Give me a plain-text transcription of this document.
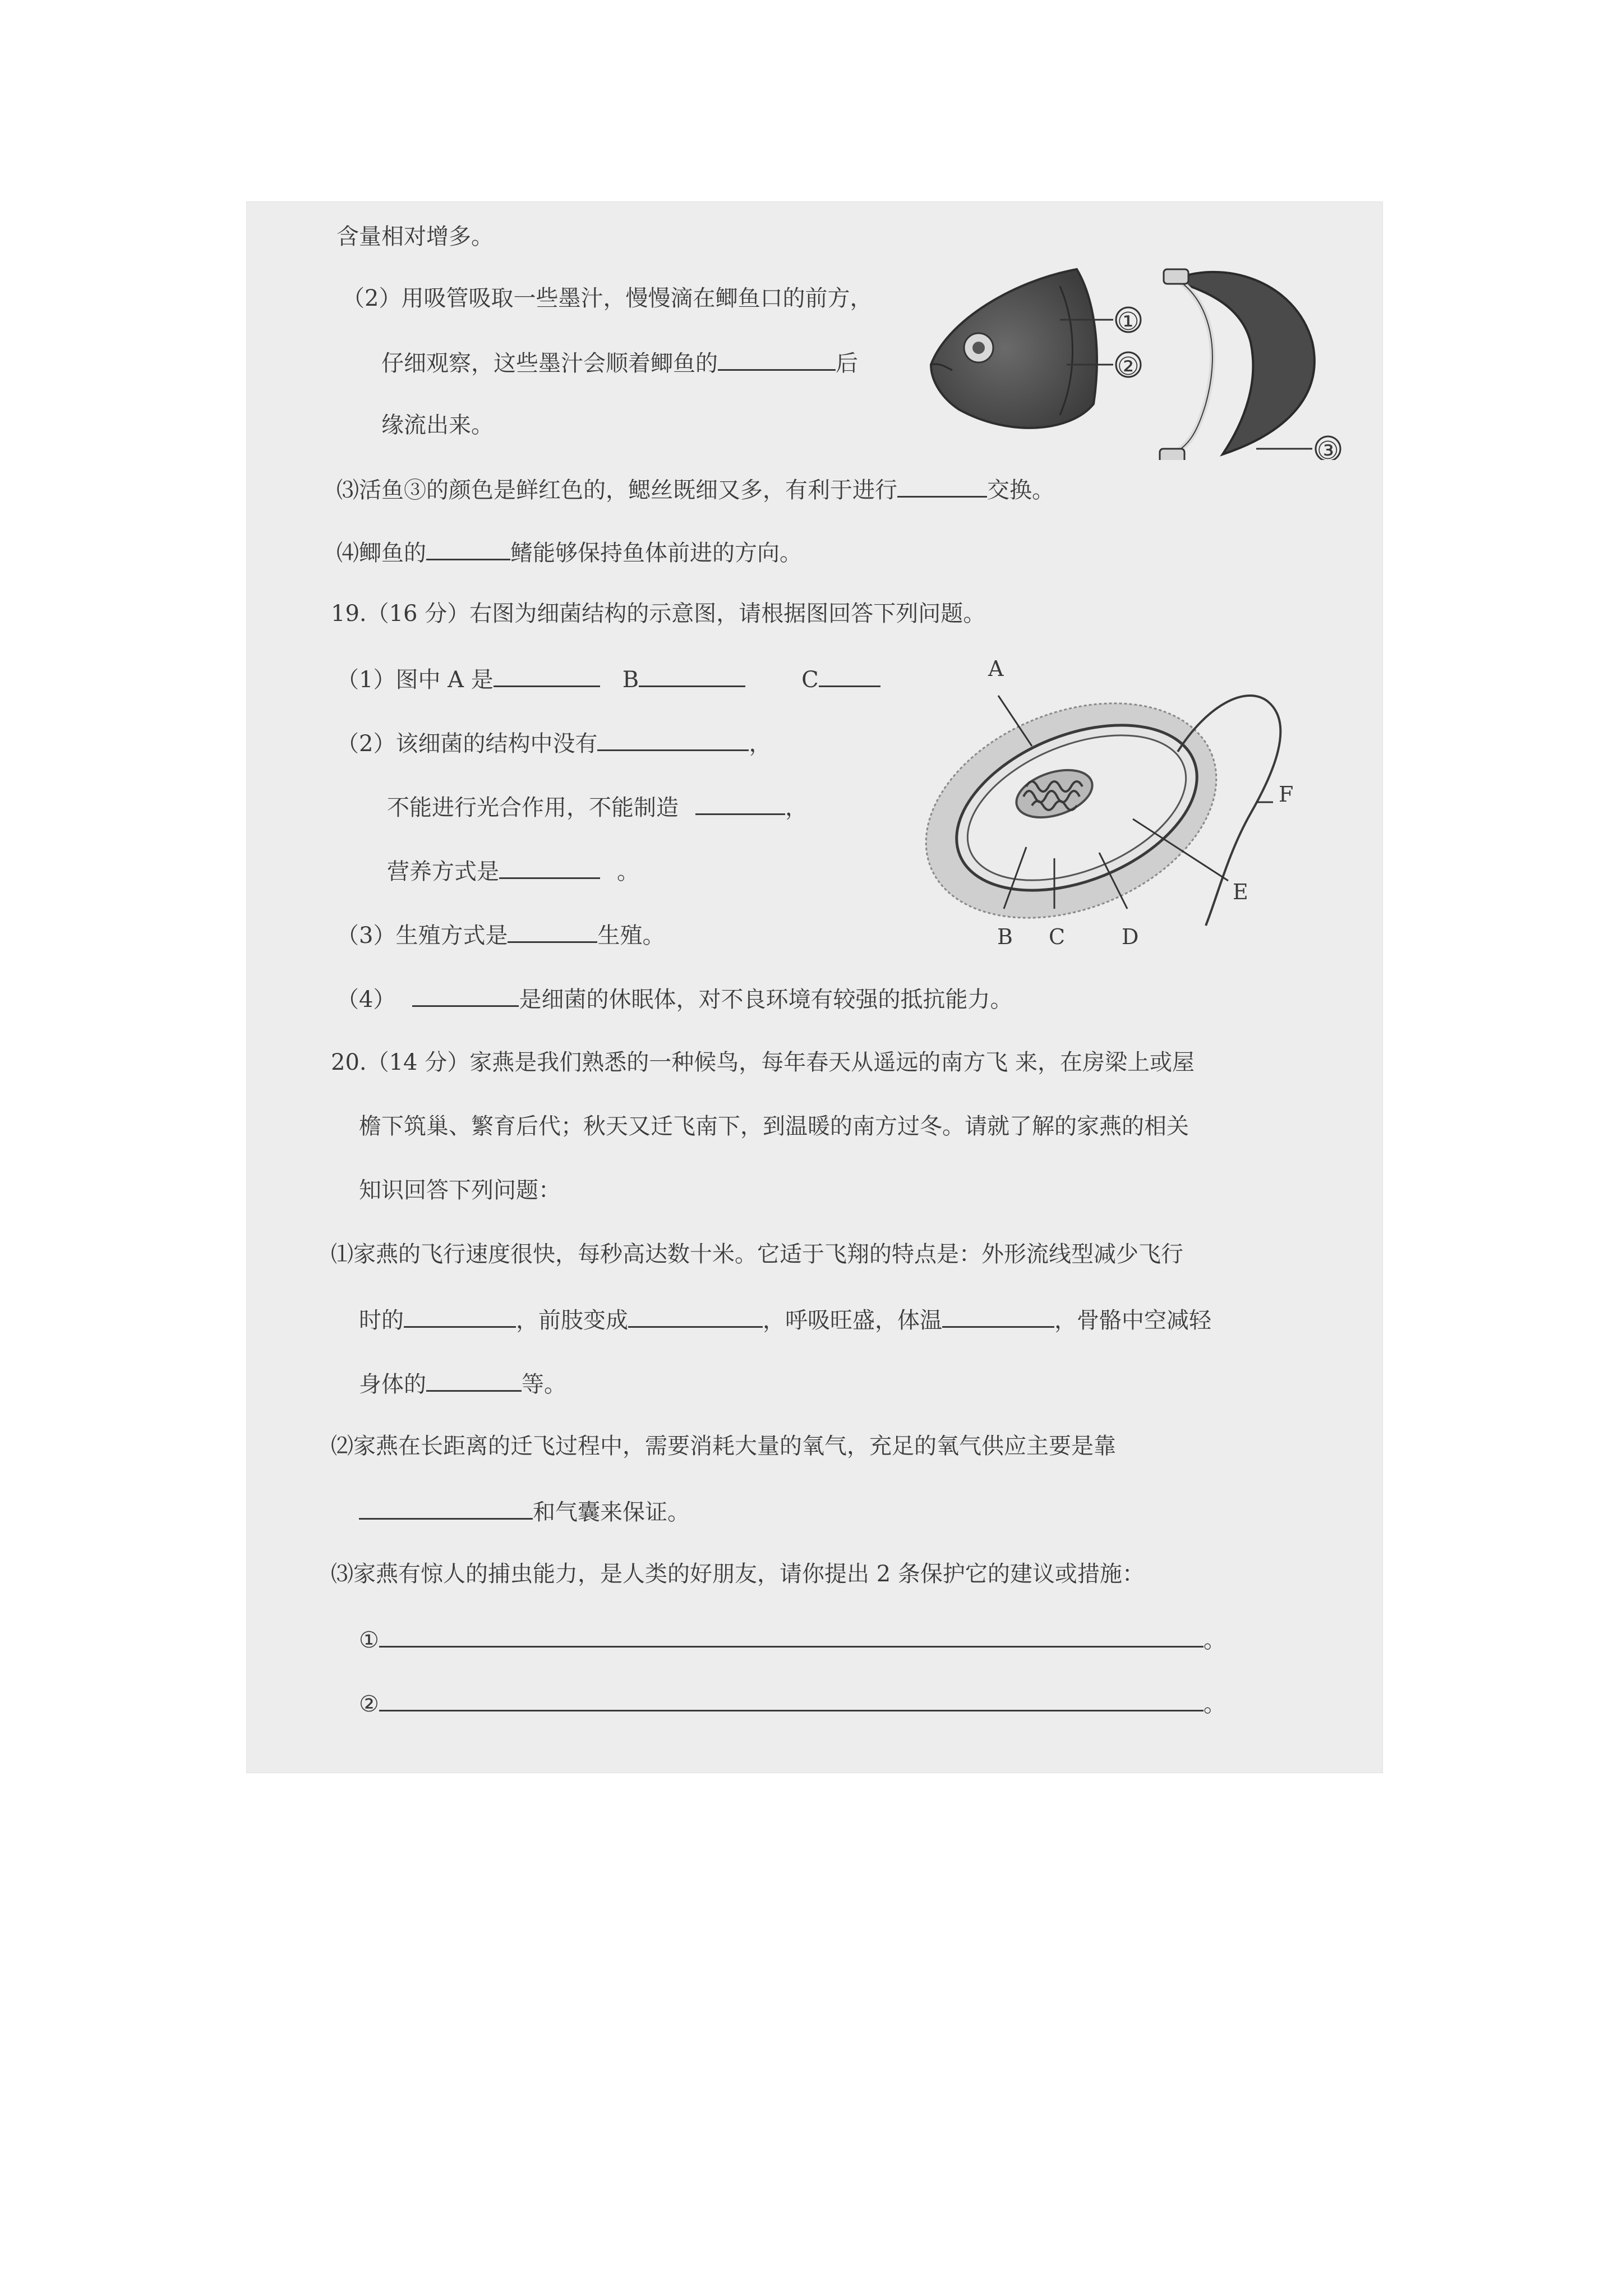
含量相对增多。
（2）用吸管吸取一些墨汁，慢慢滴在鲫鱼口的前方，
仔细观察，这些墨汁会顺着鲫鱼的	后
缘流出来。
⑶活鱼③的颜色是鲜红色的，鳃丝既细又多，有利于进行	交换。
⑷鲫鱼的	鳍能够保持鱼体前进的方向。
①
②
③
19.（16 分）右图为细菌结构的示意图，请根据图回答下列问题。
（1）图中 A 是	B	C
（2）该细菌的结构中没有	，
不能进行光合作用，不能制造	，
营养方式是	。
（3）生殖方式是	生殖。
（4）	是细菌的休眠体，对不良环境有较强的抵抗能力。
A
F
E
B C	D
20.（14 分）家燕是我们熟悉的一种候鸟，每年春天从遥远的南方飞 来，在房梁上或屋
檐下筑巢、繁育后代；秋天又迁飞南下，到温暖的南方过冬。请就了解的家燕的相关
知识回答下列问题：
⑴家燕的飞行速度很快，每秒高达数十米。它适于飞翔的特点是：外形流线型减少飞行
时的	，前肢变成	，呼吸旺盛，体温	，骨骼中空减轻
身体的	等。
⑵家燕在长距离的迁飞过程中，需要消耗大量的氧气，充足的氧气供应主要是靠
和气囊来保证。
⑶家燕有惊人的捕虫能力，是人类的好朋友，请你提出 2 条保护它的建议或措施：
①	。
②	。
